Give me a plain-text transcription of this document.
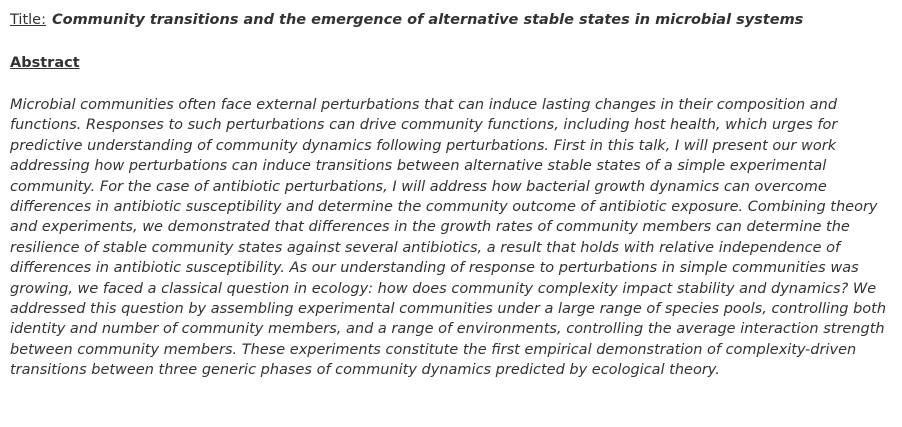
Title: Community transitions and the emergence of alternative stable states in microbial systems
Abstract
Microbial communities often face external perturbations that can induce lasting changes in their composition and
functions. Responses to such perturbations can drive community functions, including host health, which urges for
predictive understanding of community dynamics following perturbations. First in this talk, I will present our work
addressing how perturbations can induce transitions between alternative stable states of a simple experimental
community. For the case of antibiotic perturbations, I will address how bacterial growth dynamics can overcome
differences in antibiotic susceptibility and determine the community outcome of antibiotic exposure. Combining theory
and experiments, we demonstrated that differences in the growth rates of community members can determine the
resilience of stable community states against several antibiotics, a result that holds with relative independence of
differences in antibiotic susceptibility. As our understanding of response to perturbations in simple communities was
growing, we faced a classical question in ecology: how does community complexity impact stability and dynamics? We
addressed this question by assembling experimental communities under a large range of species pools, controlling both
identity and number of community members, and a range of environments, controlling the average interaction strength
between community members. These experiments constitute the first empirical demonstration of complexity-driven
transitions between three generic phases of community dynamics predicted by ecological theory.
